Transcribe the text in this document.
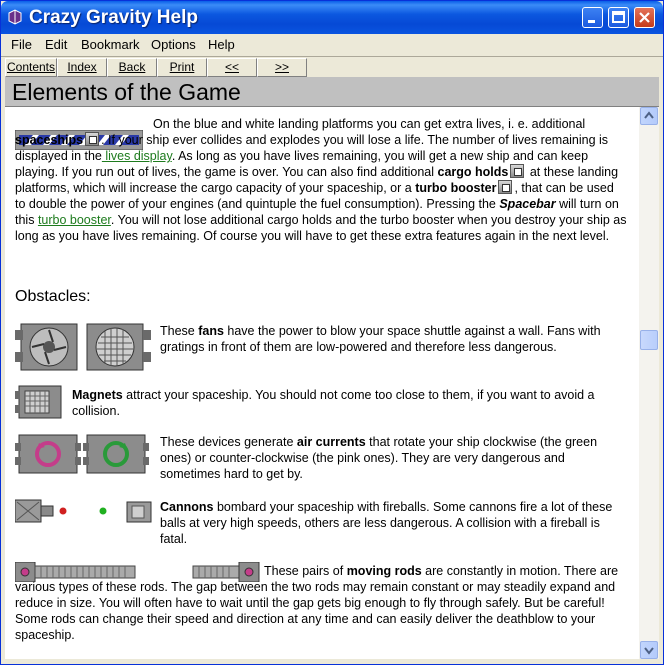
Crazy Gravity Help
File Edit Bookmark Options Help
Contents	Index	Back	Print	<<	>>
Elements of the Game
On the blue and white landing platforms you can get extra lives, i. e. additional spaceships . If your ship ever collides and explodes you will lose a life. The number of lives remaining is displayed in the lives display. As long as you have lives remaining, you will get a new ship and can keep playing. If you run out of lives, the game is over. You can also find additional cargo holds at these landing platforms, which will increase the cargo capacity of your spaceship, or a turbo booster , that can be used to double the power of your engines (and quintuple the fuel consumption). Pressing the Spacebar will turn on this turbo booster. You will not lose additional cargo holds and the turbo booster when you destroy your ship as long as you have lives remaining. Of course you will have to get these extra features again in the next level.
Obstacles:
These fans have the power to blow your space shuttle against a wall. Fans with gratings in front of them are low-powered and therefore less dangerous.
Magnets attract your spaceship. You should not come too close to them, if you want to avoid a collision.
These devices generate air currents that rotate your ship clockwise (the green ones) or counter-clockwise (the pink ones). They are very dangerous and sometimes hard to get by.
Cannons bombard your spaceship with fireballs. Some cannons fire a lot of these balls at very high speeds, others are less dangerous. A collision with a fireball is fatal.
These pairs of moving rods are constantly in motion. There are various types of these rods. The gap between the two rods may remain constant or may steadily expand and reduce in size. You will often have to wait until the gap gets big enough to fly through safely. But be careful! Some rods can change their speed and direction at any time and can easily deliver the deathblow to your spaceship.
